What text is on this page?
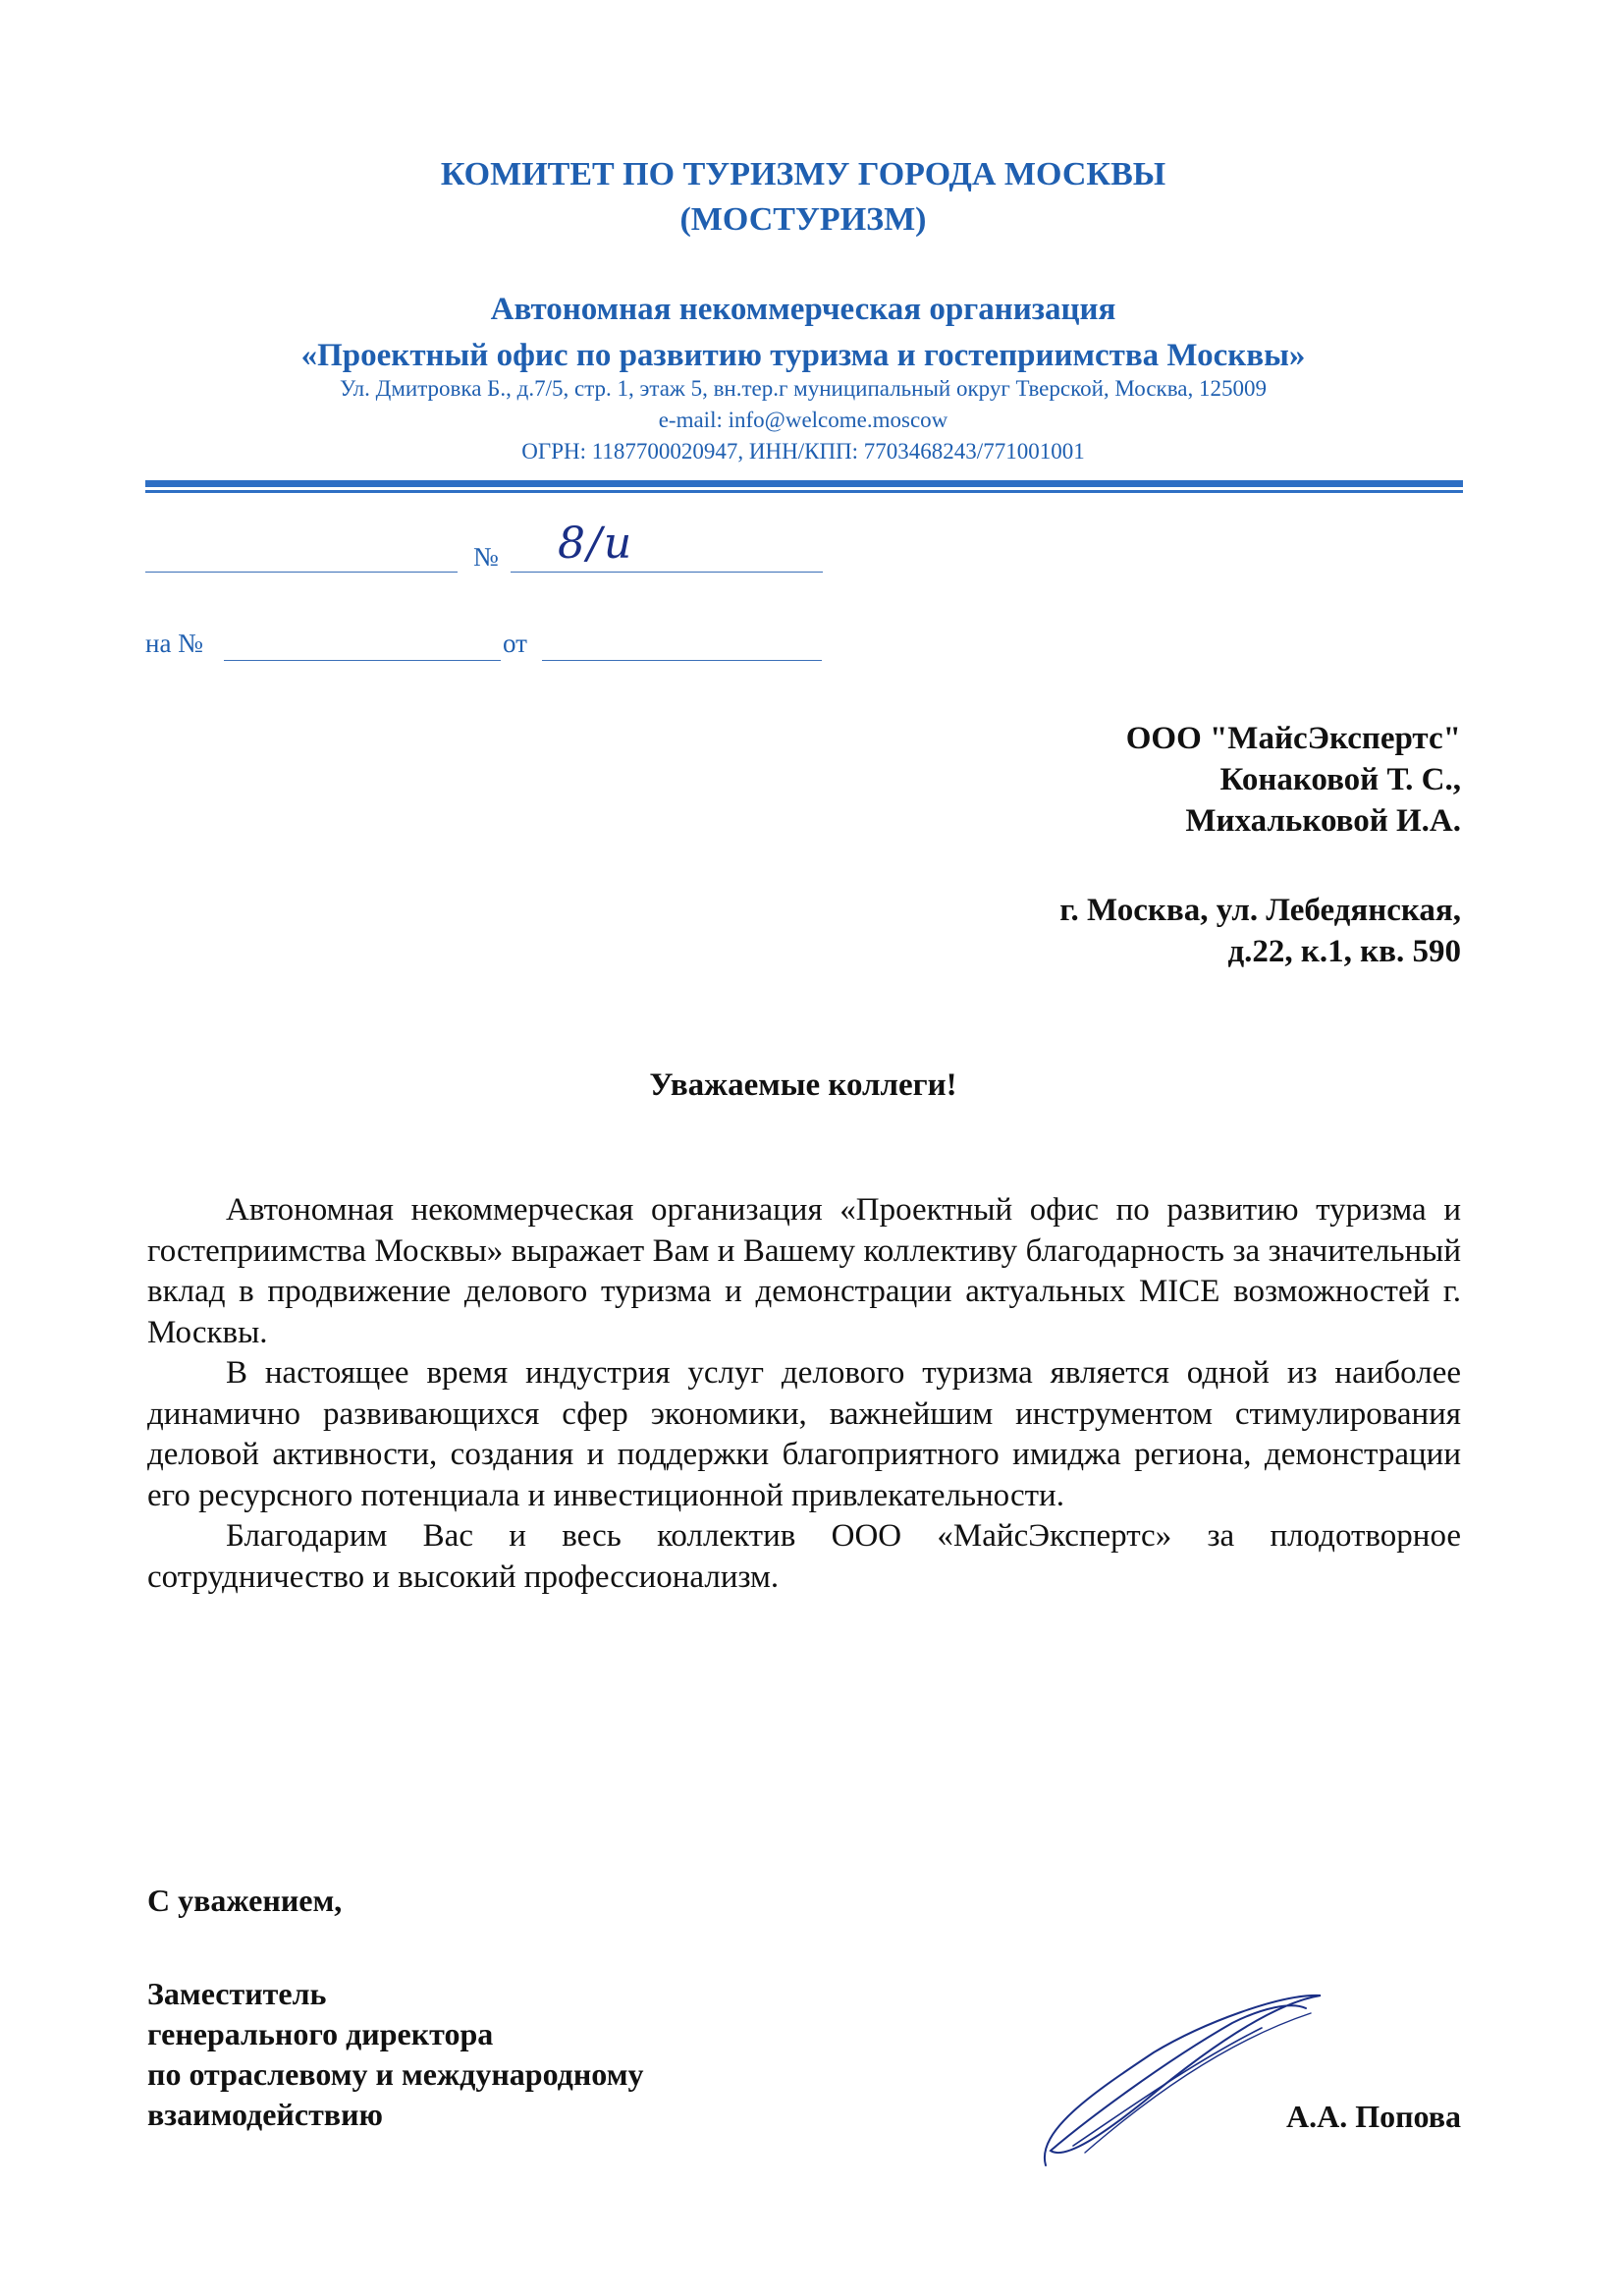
КОМИТЕТ ПО ТУРИЗМУ ГОРОДА МОСКВЫ
(МОСТУРИЗМ)
Автономная некоммерческая организация
«Проектный офис по развитию туризма и гостеприимства Москвы»
Ул. Дмитровка Б., д.7/5, стр. 1, этаж 5, вн.тер.г муниципальный округ Тверской, Москва, 125009
e-mail: info@welcome.moscow
ОГРН: 1187700020947, ИНН/КПП: 7703468243/771001001
№ 8/и
на №	от
ООО "МайсЭкспертс"
Конаковой Т. С.,
Михальковой И.А.
г. Москва, ул. Лебедянская,
д.22, к.1, кв. 590
Уважаемые коллеги!

Автономная некоммерческая организация «Проектный офис по развитию туризма и гостеприимства Москвы» выражает Вам и Вашему коллективу благодарность за значительный вклад в продвижение делового туризма и демонстрации актуальных MICE возможностей г. Москвы.

В настоящее время индустрия услуг делового туризма является одной из наиболее динамично развивающихся сфер экономики, важнейшим инструментом стимулирования деловой активности, создания и поддержки благоприятного имиджа региона, демонстрации его ресурсного потенциала и инвестиционной привлекательности.

Благодарим Вас и весь коллектив ООО «МайсЭкспертс» за плодотворное сотрудничество и высокий профессионализм.

С уважением,
Заместитель
генерального директора
по отраслевому и международному
взаимодействию	А.А. Попова
